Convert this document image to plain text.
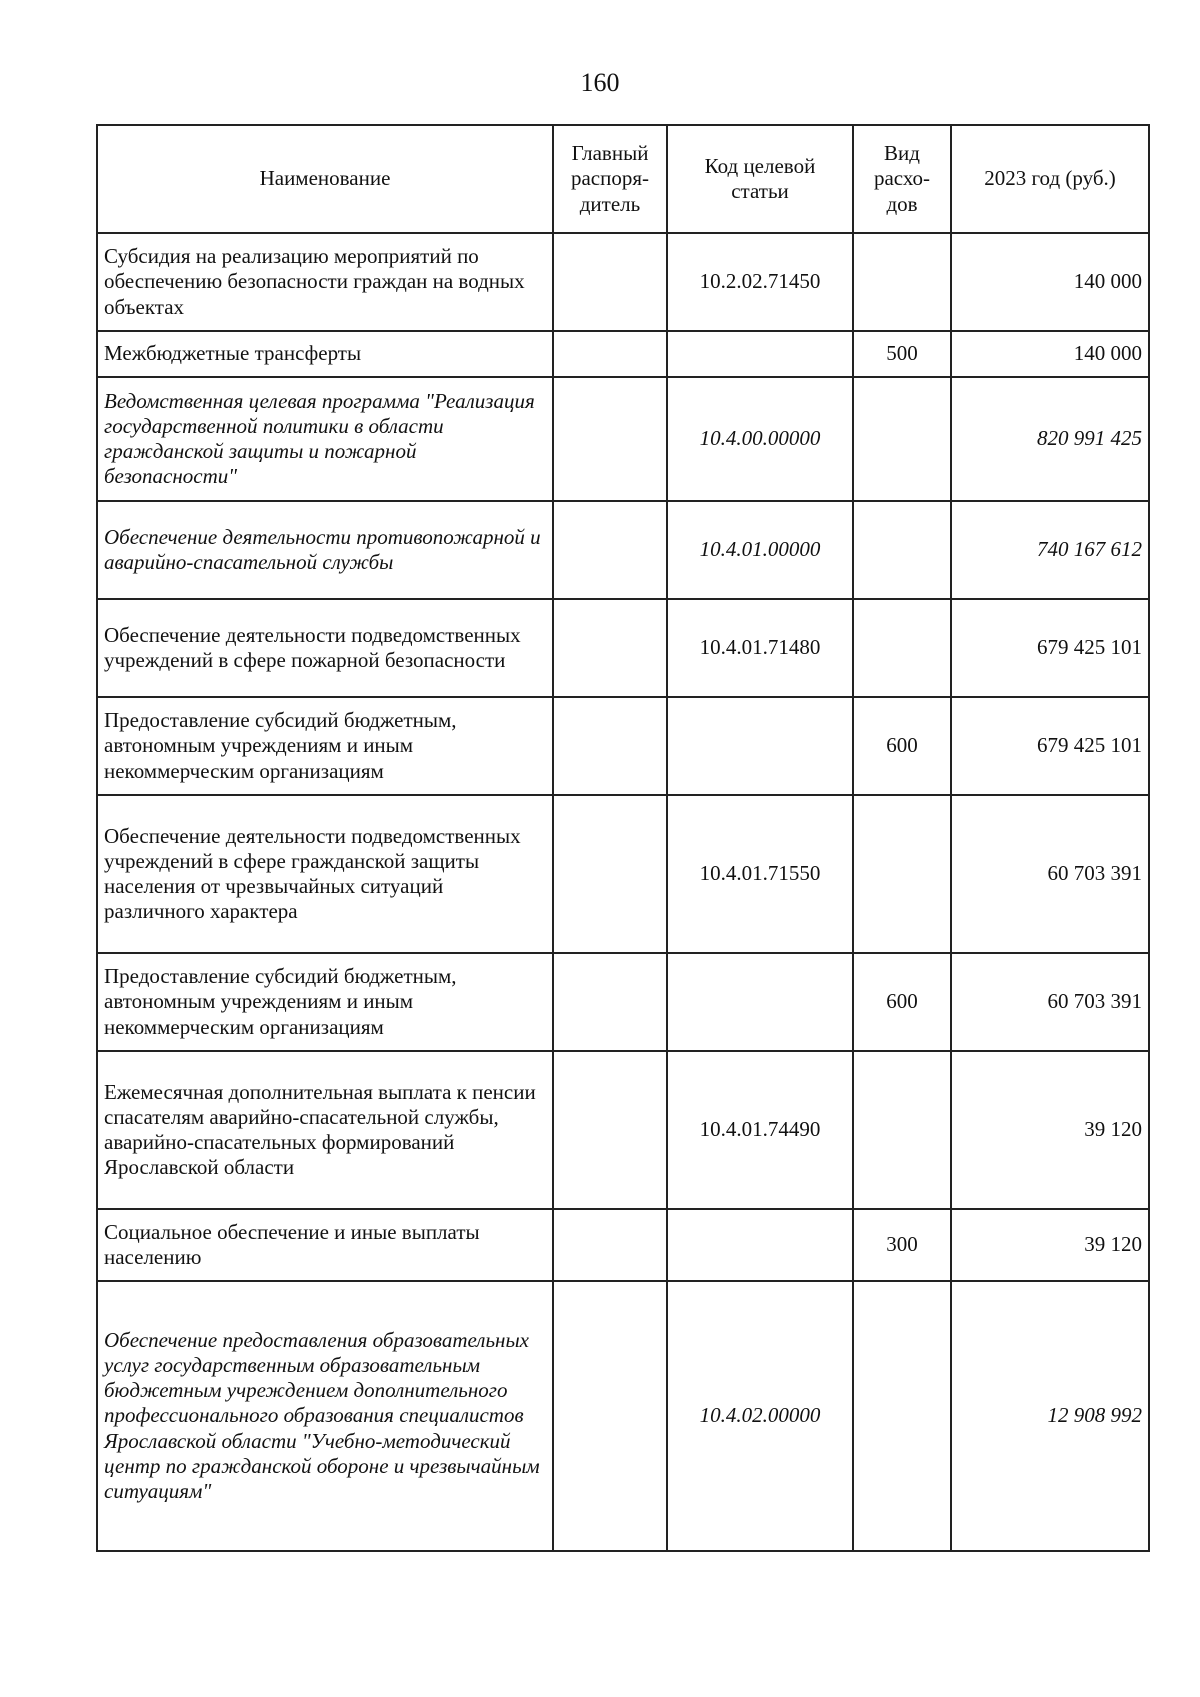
160
Наименование	Главный распоря-дитель	Код целевой статьи	Вид расхо-дов	2023 год (руб.)
Субсидия на реализацию мероприятий по обеспечению безопасности граждан на водных объектах		10.2.02.71450		140 000
Межбюджетные трансферты			500	140 000
Ведомственная целевая программа "Реализация государственной политики в области гражданской защиты и пожарной безопасности"		10.4.00.00000		820 991 425
Обеспечение деятельности противопожарной и аварийно-спасательной службы		10.4.01.00000		740 167 612
Обеспечение деятельности подведомственных учреждений в сфере пожарной безопасности		10.4.01.71480		679 425 101
Предоставление субсидий бюджетным, автономным учреждениям и иным некоммерческим организациям			600	679 425 101
Обеспечение деятельности подведомственных учреждений в сфере гражданской защиты населения от чрезвычайных ситуаций различного характера		10.4.01.71550		60 703 391
Предоставление субсидий бюджетным, автономным учреждениям и иным некоммерческим организациям			600	60 703 391
Ежемесячная дополнительная выплата к пенсии спасателям аварийно-спасательной службы, аварийно-спасательных формирований Ярославской области		10.4.01.74490		39 120
Социальное обеспечение и иные выплаты населению			300	39 120
Обеспечение предоставления образовательных услуг государственным образовательным бюджетным учреждением дополнительного профессионального образования специалистов Ярославской области "Учебно-методический центр по гражданской обороне и чрезвычайным ситуациям"		10.4.02.00000		12 908 992
